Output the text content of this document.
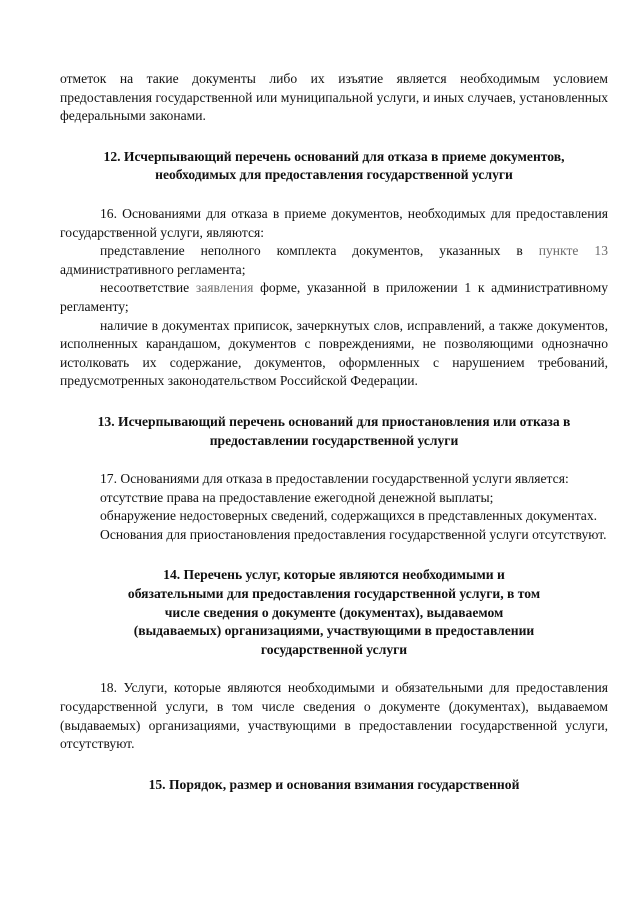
отметок на такие документы либо их изъятие является необходимым условием предоставления государственной или муниципальной услуги, и иных случаев, установленных федеральными законами.

12. Исчерпывающий перечень оснований для отказа в приеме документов, необходимых для предоставления государственной услуги

16. Основаниями для отказа в приеме документов, необходимых для предоставления государственной услуги, являются:

представление неполного комплекта документов, указанных в пункте 13 административного регламента;

несоответствие заявления форме, указанной в приложении 1 к административному регламенту;

наличие в документах приписок, зачеркнутых слов, исправлений, а также документов, исполненных карандашом, документов с повреждениями, не позволяющими однозначно истолковать их содержание, документов, оформленных с нарушением требований, предусмотренных законодательством Российской Федерации.

13. Исчерпывающий перечень оснований для приостановления или отказа в предоставлении государственной услуги

17. Основаниями для отказа в предоставлении государственной услуги является:

отсутствие права на предоставление ежегодной денежной выплаты;

обнаружение недостоверных сведений, содержащихся в представленных документах.

Основания для приостановления предоставления государственной услуги отсутствуют.

14. Перечень услуг, которые являются необходимыми и обязательными для предоставления государственной услуги, в том числе сведения о документе (документах), выдаваемом (выдаваемых) организациями, участвующими в предоставлении государственной услуги

18. Услуги, которые являются необходимыми и обязательными для предоставления государственной услуги, в том числе сведения о документе (документах), выдаваемом (выдаваемых) организациями, участвующими в предоставлении государственной услуги, отсутствуют.

15. Порядок, размер и основания взимания государственной
